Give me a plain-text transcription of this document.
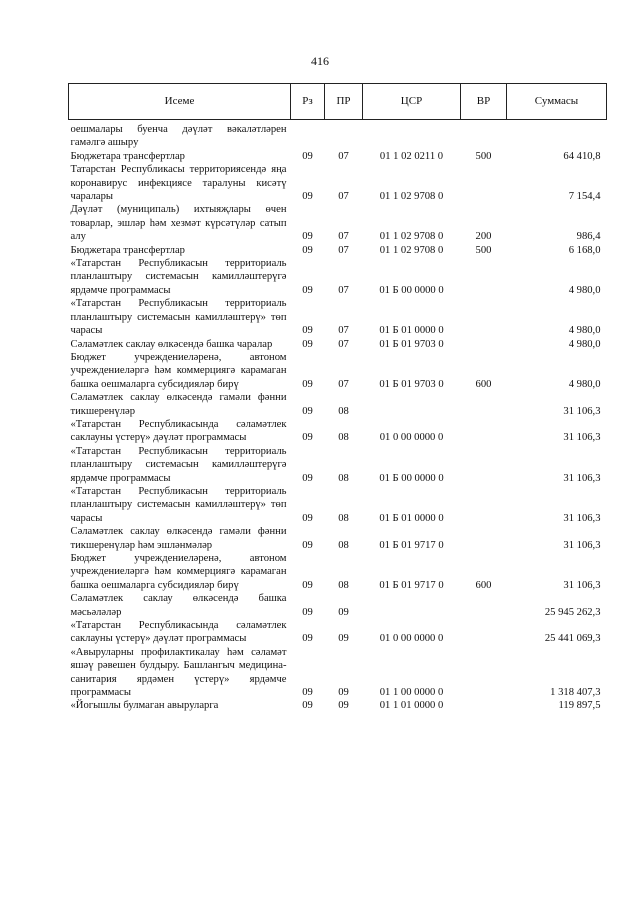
416
Исеме	Рз	ПР	ЦСР	ВР	Суммасы
оешмалары буенча дәүләт вәкаләтләрен гамәлгә ашыру					
Бюджетара трансфертлар	09	07	01 1 02 0211 0	500	64 410,8
Татарстан Республикасы территориясендә яңа коронавирус инфекциясе таралуны кисәтү чаралары	09	07	01 1 02 9708 0		7 154,4
Дәүләт (муниципаль) ихтыяҗлары өчен товарлар, эшләр һәм хезмәт күрсәтүләр сатып алу	09	07	01 1 02 9708 0	200	986,4
Бюджетара трансфертлар	09	07	01 1 02 9708 0	500	6 168,0
«Татарстан Республикасын территориаль планлаштыру системасын камилләштерүгә ярдәмче программасы	09	07	01 Б 00 0000 0		4 980,0
«Татарстан Республикасын территориаль планлаштыру системасын камилләштерү» төп чарасы	09	07	01 Б 01 0000 0		4 980,0
Сәламәтлек саклау өлкәсендә башка чаралар	09	07	01 Б 01 9703 0		4 980,0
Бюджет учреждениеләренә, автоном учреждениеләргә һәм коммерциягә карамаган башка оешмаларга субсидияләр бирү	09	07	01 Б 01 9703 0	600	4 980,0
Сәламәтлек саклау өлкәсендә гамәли фәнни тикшеренүләр	09	08			31 106,3
«Татарстан Республикасында сәламәтлек саклауны үстерү» дәүләт программасы	09	08	01 0 00 0000 0		31 106,3
«Татарстан Республикасын территориаль планлаштыру системасын камилләштерүгә ярдәмче программасы	09	08	01 Б 00 0000 0		31 106,3
«Татарстан Республикасын территориаль планлаштыру системасын камилләштерү» төп чарасы	09	08	01 Б 01 0000 0		31 106,3
Сәламәтлек саклау өлкәсендә гамәли фәнни тикшеренүләр һәм эшләнмәләр	09	08	01 Б 01 9717 0		31 106,3
Бюджет учреждениеләренә, автоном учреждениеләргә һәм коммерциягә карамаган башка оешмаларга субсидияләр бирү	09	08	01 Б 01 9717 0	600	31 106,3
Сәламәтлек саклау өлкәсендә башка мәсьәләләр	09	09			25 945 262,3
«Татарстан Республикасында сәламәтлек саклауны үстерү» дәүләт программасы	09	09	01 0 00 0000 0		25 441 069,3
«Авыруларны профилактикалау һәм сәламәт яшәү рәвешен булдыру. Башлангыч медицина-санитария ярдәмен үстерү» ярдәмче программасы	09	09	01 1 00 0000 0		1 318 407,3
«Йогышлы булмаган авыруларга	09	09	01 1 01 0000 0		119 897,5
